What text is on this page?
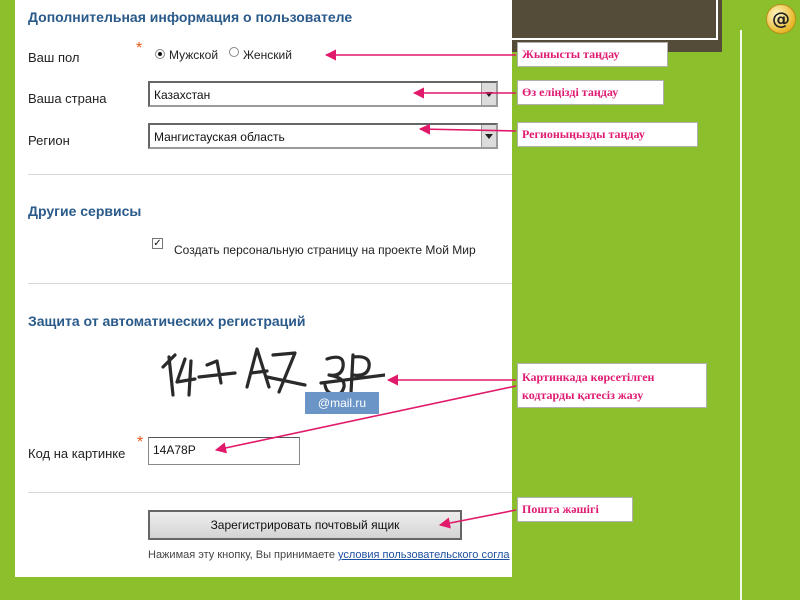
@
Дополнительная информация о пользователе
Ваш пол
* Мужской Женский
Ваша страна	Казахстан
Регион	Мангистауская область
Другие сервисы
✓ Создать персональную страницу на проекте Мой Мир
Защита от автоматических регистраций
@mail.ru
Код на картинке
* 14A78P
Зарегистрировать почтовый ящик
Нажимая эту кнопку, Вы принимаете условия пользовательского согла
Жынысты таңдау
Өз еліңізді таңдау
Регионыңызды таңдау
Картинкада көрсетілген
кодтарды қатесіз жазу
Пошта жәшігі
